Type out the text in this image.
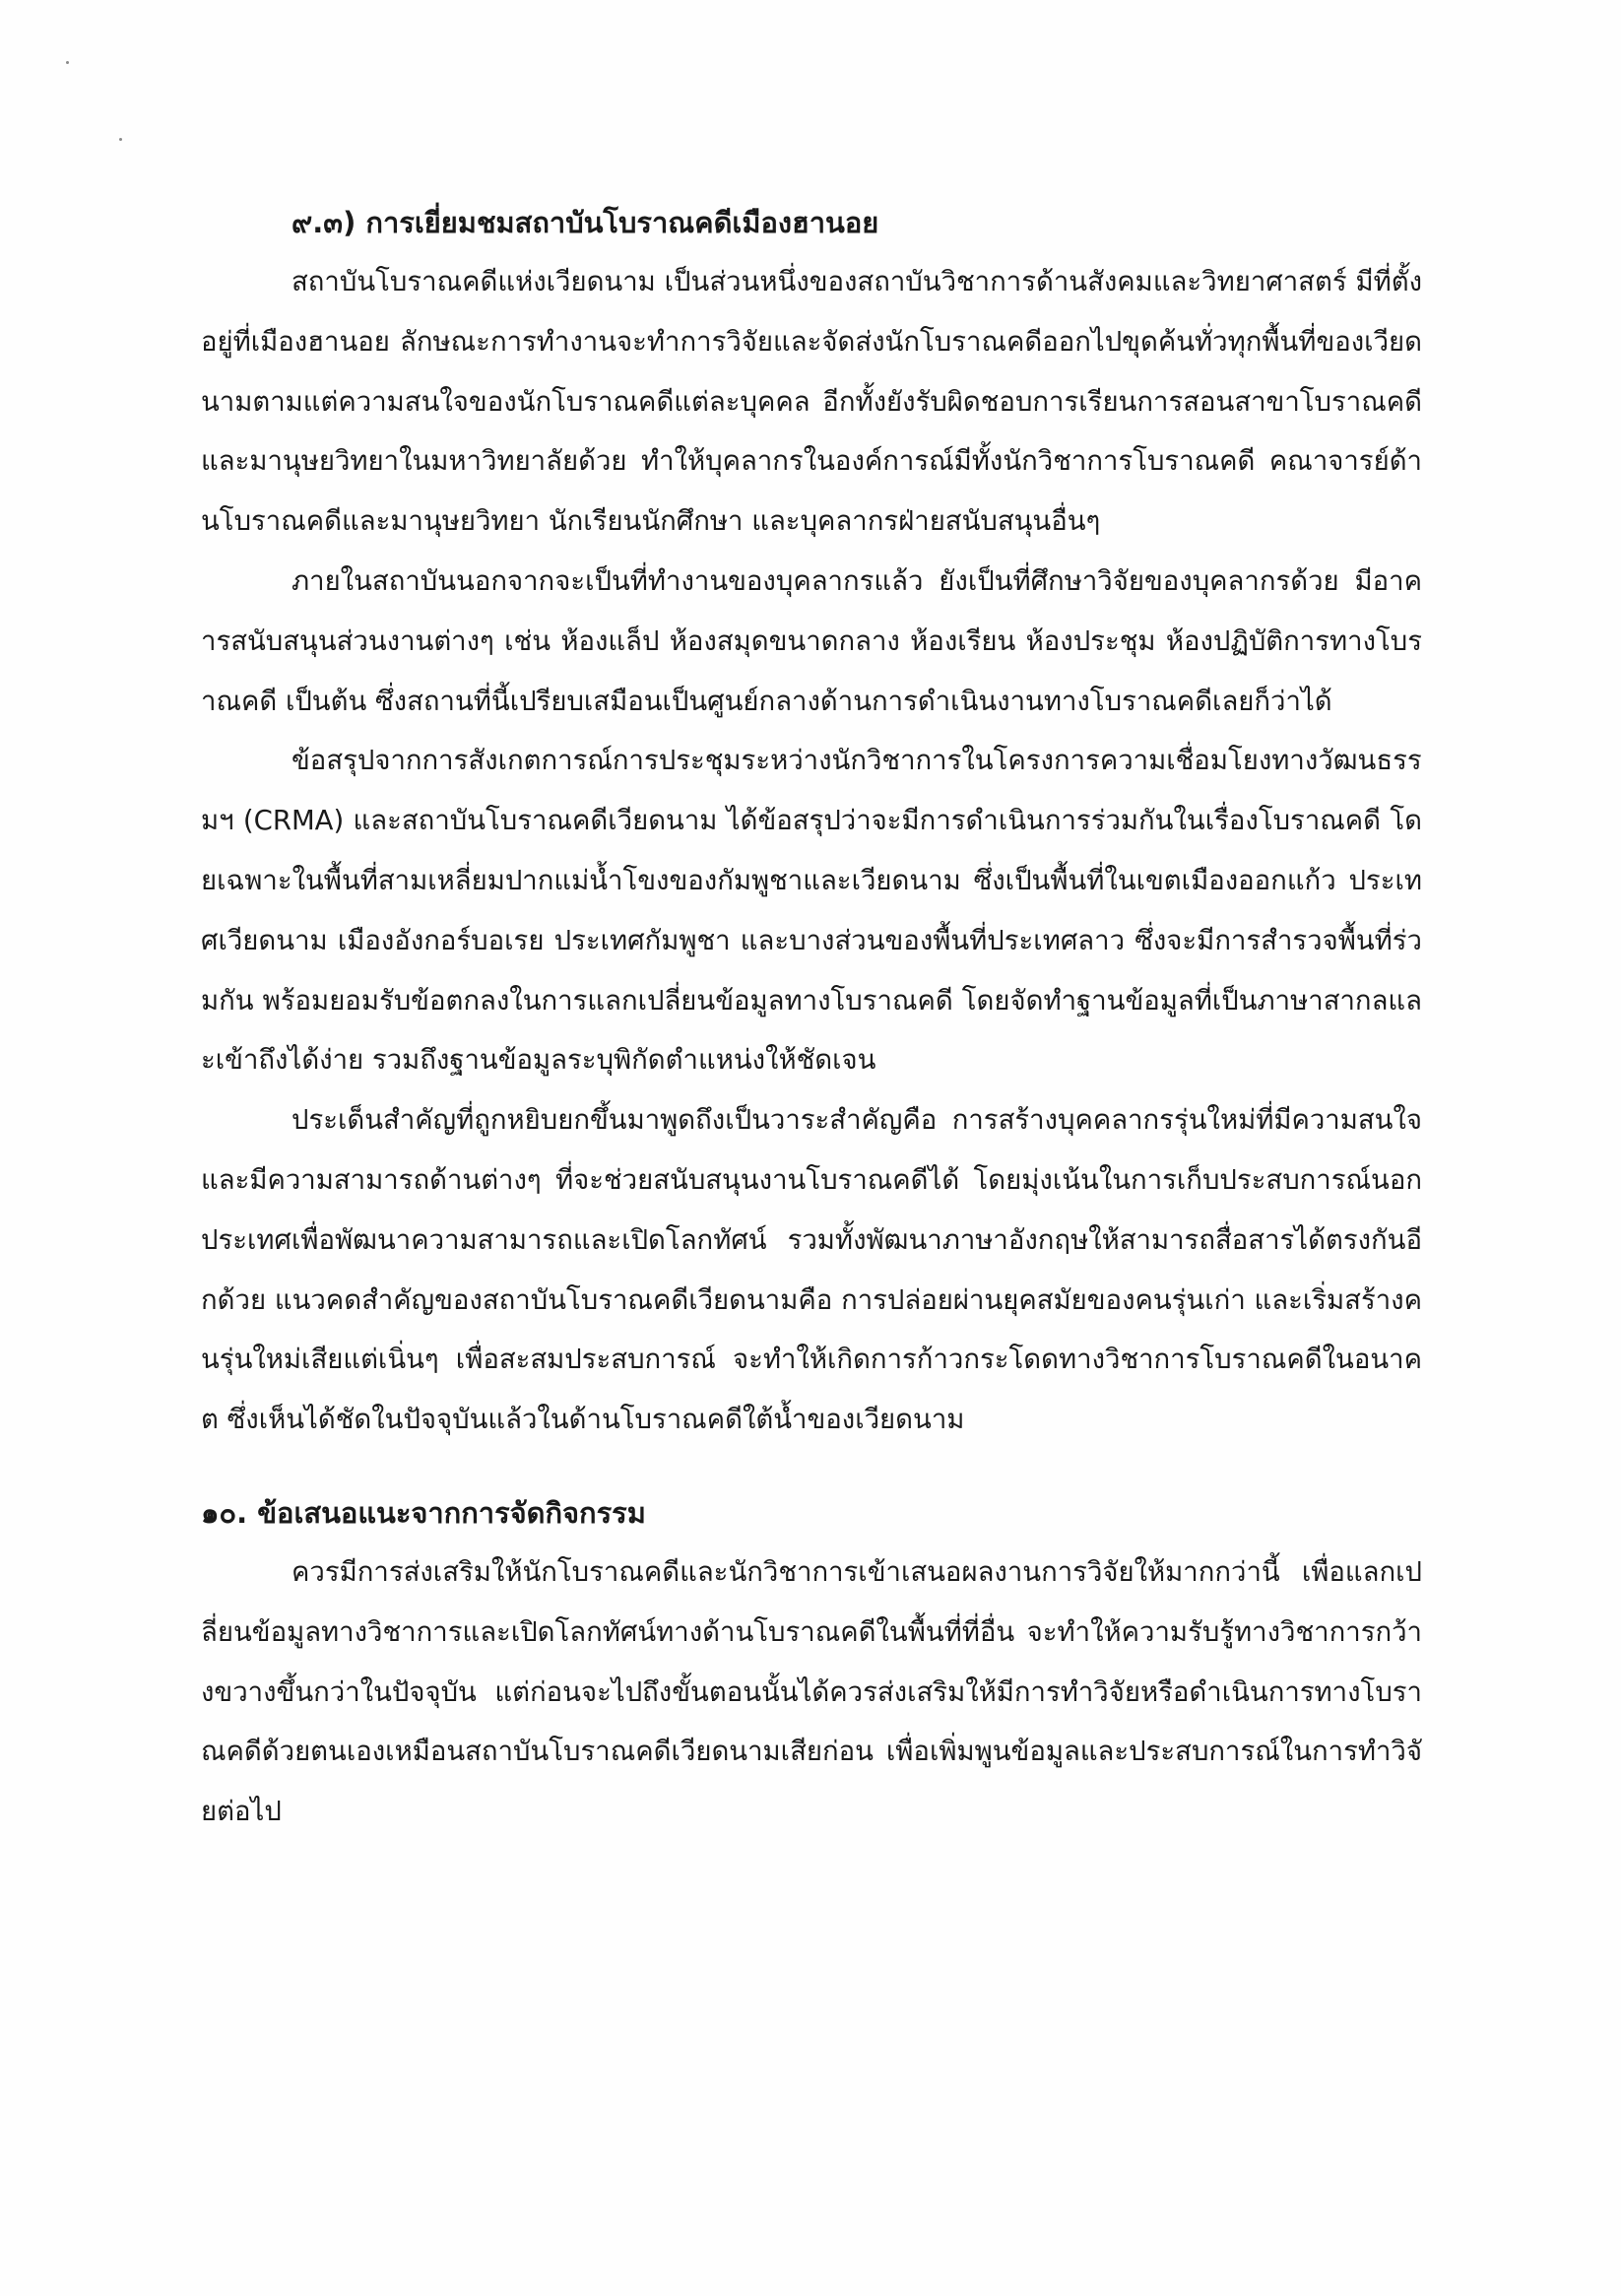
๙.๓) การเยี่ยมชมสถาบันโบราณคดีเมืองฮานอย

สถาบันโบราณคดีแห่งเวียดนาม เป็นส่วนหนึ่งของสถาบันวิชาการด้านสังคมและวิทยาศาสตร์ มีที่ตั้งอยู่ที่เมืองฮานอย ลักษณะการทำงานจะทำการวิจัยและจัดส่งนักโบราณคดีออกไปขุดค้นทั่วทุกพื้นที่ของเวียดนามตามแต่ความสนใจของนักโบราณคดีแต่ละบุคคล อีกทั้งยังรับผิดชอบการเรียนการสอนสาขาโบราณคดีและมานุษยวิทยาในมหาวิทยาลัยด้วย ทำให้บุคลากรในองค์การณ์มีทั้งนักวิชาการโบราณคดี คณาจารย์ด้านโบราณคดีและมานุษยวิทยา นักเรียนนักศึกษา และบุคลากรฝ่ายสนับสนุนอื่นๆ

ภายในสถาบันนอกจากจะเป็นที่ทำงานของบุคลากรแล้ว ยังเป็นที่ศึกษาวิจัยของบุคลากรด้วย มีอาคารสนับสนุนส่วนงานต่างๆ เช่น ห้องแล็ป ห้องสมุดขนาดกลาง ห้องเรียน ห้องประชุม ห้องปฏิบัติการทางโบราณคดี เป็นต้น ซึ่งสถานที่นี้เปรียบเสมือนเป็นศูนย์กลางด้านการดำเนินงานทางโบราณคดีเลยก็ว่าได้

ข้อสรุปจากการสังเกตการณ์การประชุมระหว่างนักวิชาการในโครงการความเชื่อมโยงทางวัฒนธรรมฯ (CRMA) และสถาบันโบราณคดีเวียดนาม ได้ข้อสรุปว่าจะมีการดำเนินการร่วมกันในเรื่องโบราณคดี โดยเฉพาะในพื้นที่สามเหลี่ยมปากแม่น้ำโขงของกัมพูชาและเวียดนาม ซึ่งเป็นพื้นที่ในเขตเมืองออกแก้ว ประเทศเวียดนาม เมืองอังกอร์บอเรย ประเทศกัมพูชา และบางส่วนของพื้นที่ประเทศลาว ซึ่งจะมีการสำรวจพื้นที่ร่วมกัน พร้อมยอมรับข้อตกลงในการแลกเปลี่ยนข้อมูลทางโบราณคดี โดยจัดทำฐานข้อมูลที่เป็นภาษาสากลและเข้าถึงได้ง่าย รวมถึงฐานข้อมูลระบุพิกัดตำแหน่งให้ชัดเจน

ประเด็นสำคัญที่ถูกหยิบยกขึ้นมาพูดถึงเป็นวาระสำคัญคือ การสร้างบุคคลากรรุ่นใหม่ที่มีความสนใจและมีความสามารถด้านต่างๆ ที่จะช่วยสนับสนุนงานโบราณคดีได้ โดยมุ่งเน้นในการเก็บประสบการณ์นอกประเทศเพื่อพัฒนาความสามารถและเปิดโลกทัศน์ รวมทั้งพัฒนาภาษาอังกฤษให้สามารถสื่อสารได้ตรงกันอีกด้วย แนวคดสำคัญของสถาบันโบราณคดีเวียดนามคือ การปล่อยผ่านยุคสมัยของคนรุ่นเก่า และเริ่มสร้างคนรุ่นใหม่เสียแต่เนิ่นๆ เพื่อสะสมประสบการณ์ จะทำให้เกิดการก้าวกระโดดทางวิชาการโบราณคดีในอนาคต ซึ่งเห็นได้ชัดในปัจจุบันแล้วในด้านโบราณคดีใต้น้ำของเวียดนาม

๑๐. ข้อเสนอแนะจากการจัดกิจกรรม

ควรมีการส่งเสริมให้นักโบราณคดีและนักวิชาการเข้าเสนอผลงานการวิจัยให้มากกว่านี้ เพื่อแลกเปลี่ยนข้อมูลทางวิชาการและเปิดโลกทัศน์ทางด้านโบราณคดีในพื้นที่ที่อื่น จะทำให้ความรับรู้ทางวิชาการกว้างขวางขึ้นกว่าในปัจจุบัน แต่ก่อนจะไปถึงขั้นตอนนั้นได้ควรส่งเสริมให้มีการทำวิจัยหรือดำเนินการทางโบราณคดีด้วยตนเองเหมือนสถาบันโบราณคดีเวียดนามเสียก่อน เพื่อเพิ่มพูนข้อมูลและประสบการณ์ในการทำวิจัยต่อไป
